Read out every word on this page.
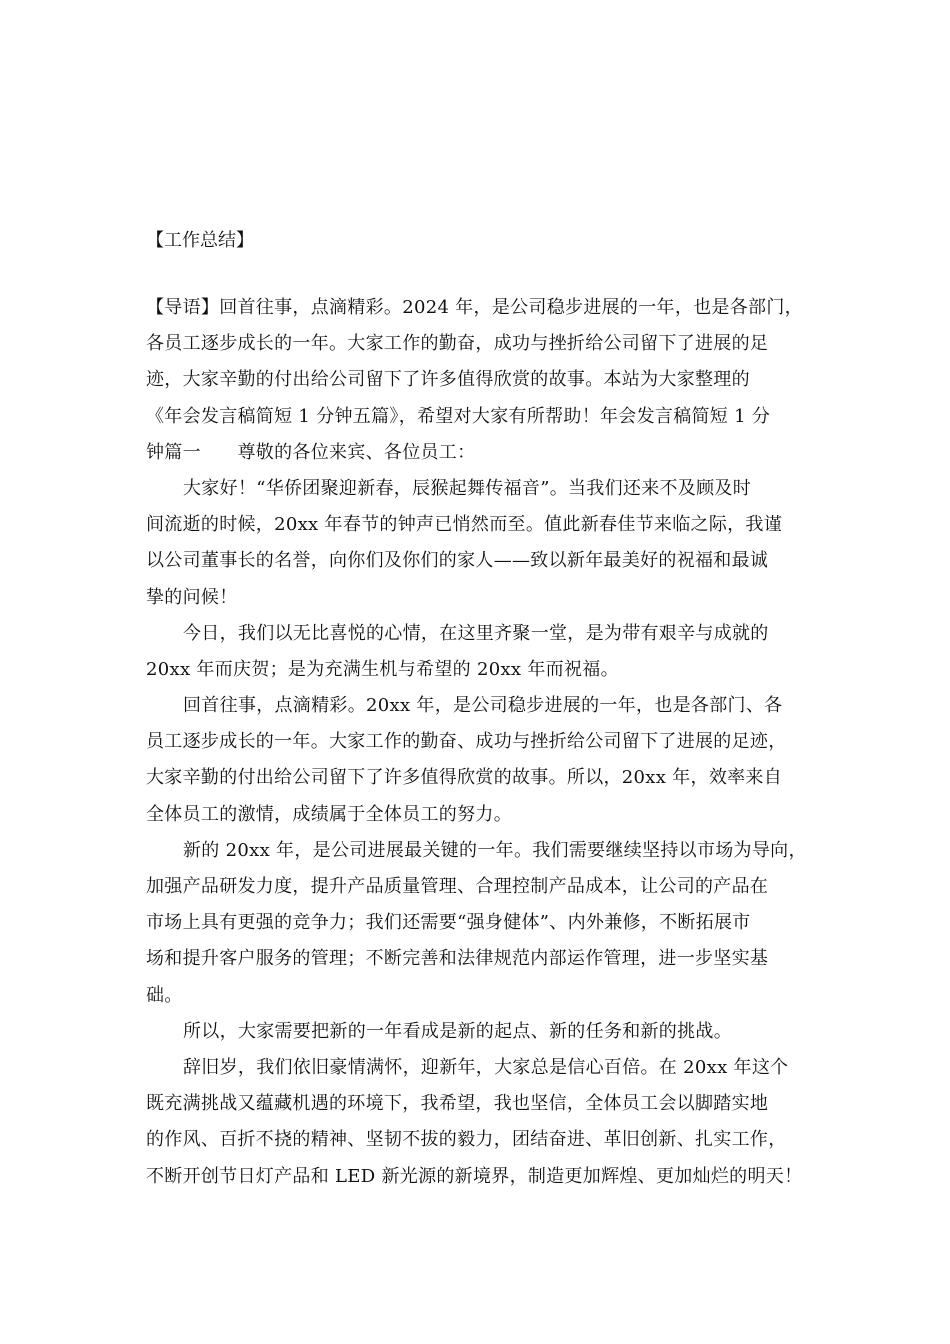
【工作总结】
【导语】回首往事，点滴精彩。2024 年，是公司稳步进展的一年，也是各部门，
各员工逐步成长的一年。大家工作的勤奋，成功与挫折给公司留下了进展的足
迹，大家辛勤的付出给公司留下了许多值得欣赏的故事。本站为大家整理的
《年会发言稿简短 1 分钟五篇》，希望对大家有所帮助！年会发言稿简短 1 分
钟篇一　　尊敬的各位来宾、各位员工：
大家好！“华侨团聚迎新春，辰猴起舞传福音”。当我们还来不及顾及时
间流逝的时候，20xx 年春节的钟声已悄然而至。值此新春佳节来临之际，我谨
以公司董事长的名誉，向你们及你们的家人——致以新年最美好的祝福和最诚
挚的问候！
今日，我们以无比喜悦的心情，在这里齐聚一堂，是为带有艰辛与成就的
20xx 年而庆贺；是为充满生机与希望的 20xx 年而祝福。
回首往事，点滴精彩。20xx 年，是公司稳步进展的一年，也是各部门、各
员工逐步成长的一年。大家工作的勤奋、成功与挫折给公司留下了进展的足迹，
大家辛勤的付出给公司留下了许多值得欣赏的故事。所以，20xx 年，效率来自
全体员工的激情，成绩属于全体员工的努力。
新的 20xx 年，是公司进展最关键的一年。我们需要继续坚持以市场为导向，
加强产品研发力度，提升产品质量管理、合理控制产品成本，让公司的产品在
市场上具有更强的竞争力；我们还需要“强身健体”、内外兼修，不断拓展市
场和提升客户服务的管理；不断完善和法律规范内部运作管理，进一步坚实基
础。
所以，大家需要把新的一年看成是新的起点、新的任务和新的挑战。
辞旧岁，我们依旧豪情满怀，迎新年，大家总是信心百倍。在 20xx 年这个
既充满挑战又蕴藏机遇的环境下，我希望，我也坚信，全体员工会以脚踏实地
的作风、百折不挠的精神、坚韧不拔的毅力，团结奋进、革旧创新、扎实工作，
不断开创节日灯产品和 LED 新光源的新境界，制造更加辉煌、更加灿烂的明天！
